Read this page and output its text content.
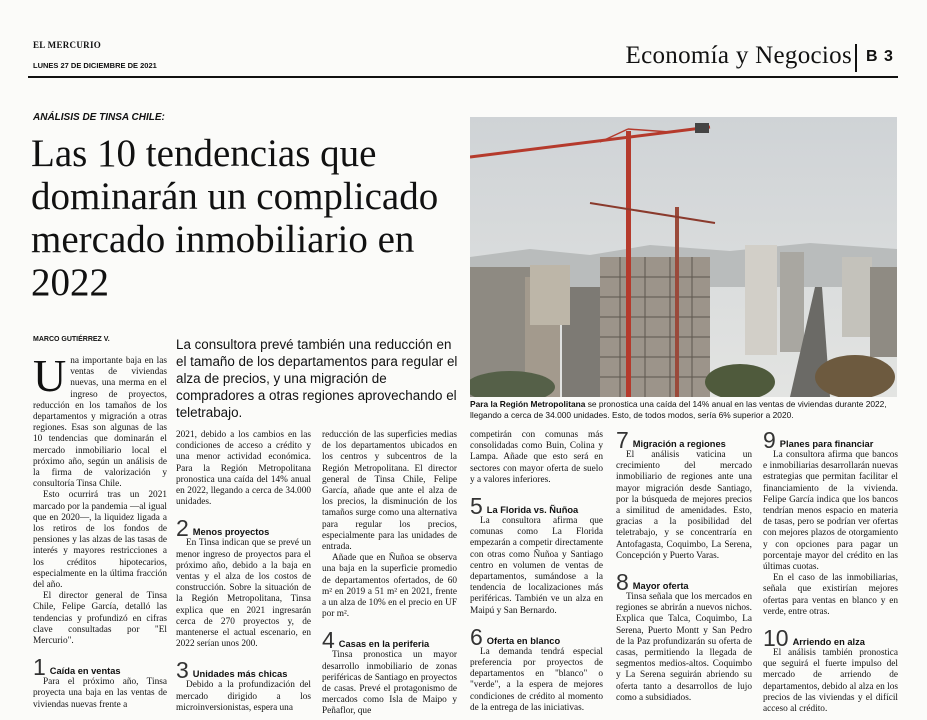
EL MERCURIO
LUNES 27 DE DICIEMBRE DE 2021	Economía y Negocios B 3
ANÁLISIS DE TINSA CHILE:
Las 10 tendencias que dominarán un complicado mercado inmobiliario en 2022
MARCO GUTIÉRREZ V.	La consultora prevé también una reducción en el tamaño de los departamentos para regular el alza de precios, y una migración de compradores a otras regiones aprovechando el teletrabajo.
Para la Región Metropolitana se pronostica una caída del 14% anual en las ventas de viviendas durante 2022, llegando a cerca de 34.000 unidades. Esto, de todos modos, sería 6% superior a 2020.

Una importante baja en las ventas de viviendas nuevas, una merma en el ingreso de proyectos, reducción en los tamaños de los departamentos y migración a otras regiones. Esas son algunas de las 10 tendencias que dominarán el mercado inmobiliario local el próximo año, según un análisis de la firma de valorización y consultoría Tinsa Chile.

Esto ocurrirá tras un 2021 marcado por la pandemia —al igual que en 2020—, la liquidez ligada a los retiros de los fondos de pensiones y las alzas de las tasas de interés y mayores restricciones a los créditos hipotecarios, especialmente en la última fracción del año.

El director general de Tinsa Chile, Felipe García, detalló las tendencias y profundizó en cifras clave consultadas por "El Mercurio".

1 Caída en ventas

Para el próximo año, Tinsa proyecta una baja en las ventas de viviendas nuevas frente a

2021, debido a los cambios en las condiciones de acceso a crédito y una menor actividad económica. Para la Región Metropolitana pronostica una caída del 14% anual en 2022, llegando a cerca de 34.000 unidades.

2 Menos proyectos

En Tinsa indican que se prevé un menor ingreso de proyectos para el próximo año, debido a la baja en ventas y el alza de los costos de construcción. Sobre la situación de la Región Metropolitana, Tinsa explica que en 2021 ingresarán cerca de 270 proyectos y, de mantenerse el actual escenario, en 2022 serían unos 200.

3 Unidades más chicas

Debido a la profundización del mercado dirigido a los microinversionistas, espera una

reducción de las superficies medias de los departamentos ubicados en los centros y subcentros de la Región Metropolitana. El director general de Tinsa Chile, Felipe García, añade que ante el alza de los precios, la disminución de los tamaños surge como una alternativa para regular los precios, especialmente para las unidades de entrada.

Añade que en Ñuñoa se observa una baja en la superficie promedio de departamentos ofertados, de 60 m² en 2019 a 51 m² en 2021, frente a un alza de 10% en el precio en UF por m².

4 Casas en la periferia

Tinsa pronostica un mayor desarrollo inmobiliario de zonas periféricas de Santiago en proyectos de casas. Prevé el protagonismo de mercados como Isla de Maipo y Peñaflor, que

competirán con comunas más consolidadas como Buin, Colina y Lampa. Añade que esto será en sectores con mayor oferta de suelo y a valores inferiores.

5 La Florida vs. Ñuñoa

La consultora afirma que comunas como La Florida empezarán a competir directamente con otras como Ñuñoa y Santiago centro en volumen de ventas de departamentos, sumándose a la tendencia de localizaciones más periféricas. También ve un alza en Maipú y San Bernardo.

6 Oferta en blanco

La demanda tendrá especial preferencia por proyectos de departamentos en "blanco" o "verde", a la espera de mejores condiciones de crédito al momento de la entrega de las iniciativas.

7 Migración a regiones

El análisis vaticina un crecimiento del mercado inmobiliario de regiones ante una mayor migración desde Santiago, por la búsqueda de mejores precios a similitud de amenidades. Esto, gracias a la posibilidad del teletrabajo, y se concentraría en Antofagasta, Coquimbo, La Serena, Concepción y Puerto Varas.

8 Mayor oferta

Tinsa señala que los mercados en regiones se abrirán a nuevos nichos. Explica que Talca, Coquimbo, La Serena, Puerto Montt y San Pedro de la Paz profundizarán su oferta de casas, permitiendo la llegada de segmentos medios-altos. Coquimbo y La Serena seguirán abriendo su oferta tanto a desarrollos de lujo como a subsidiados.

9 Planes para financiar

La consultora afirma que bancos e inmobiliarias desarrollarán nuevas estrategias que permitan facilitar el financiamiento de la vivienda. Felipe García indica que los bancos tendrían menos espacio en materia de tasas, pero se podrían ver ofertas con mejores plazos de otorgamiento y con opciones para pagar un porcentaje mayor del crédito en las últimas cuotas.

En el caso de las inmobiliarias, señala que existirían mejores ofertas para ventas en blanco y en verde, entre otras.

10 Arriendo en alza

El análisis también pronostica que seguirá el fuerte impulso del mercado de arriendo de departamentos, debido al alza en los precios de las viviendas y el difícil acceso al crédito.
